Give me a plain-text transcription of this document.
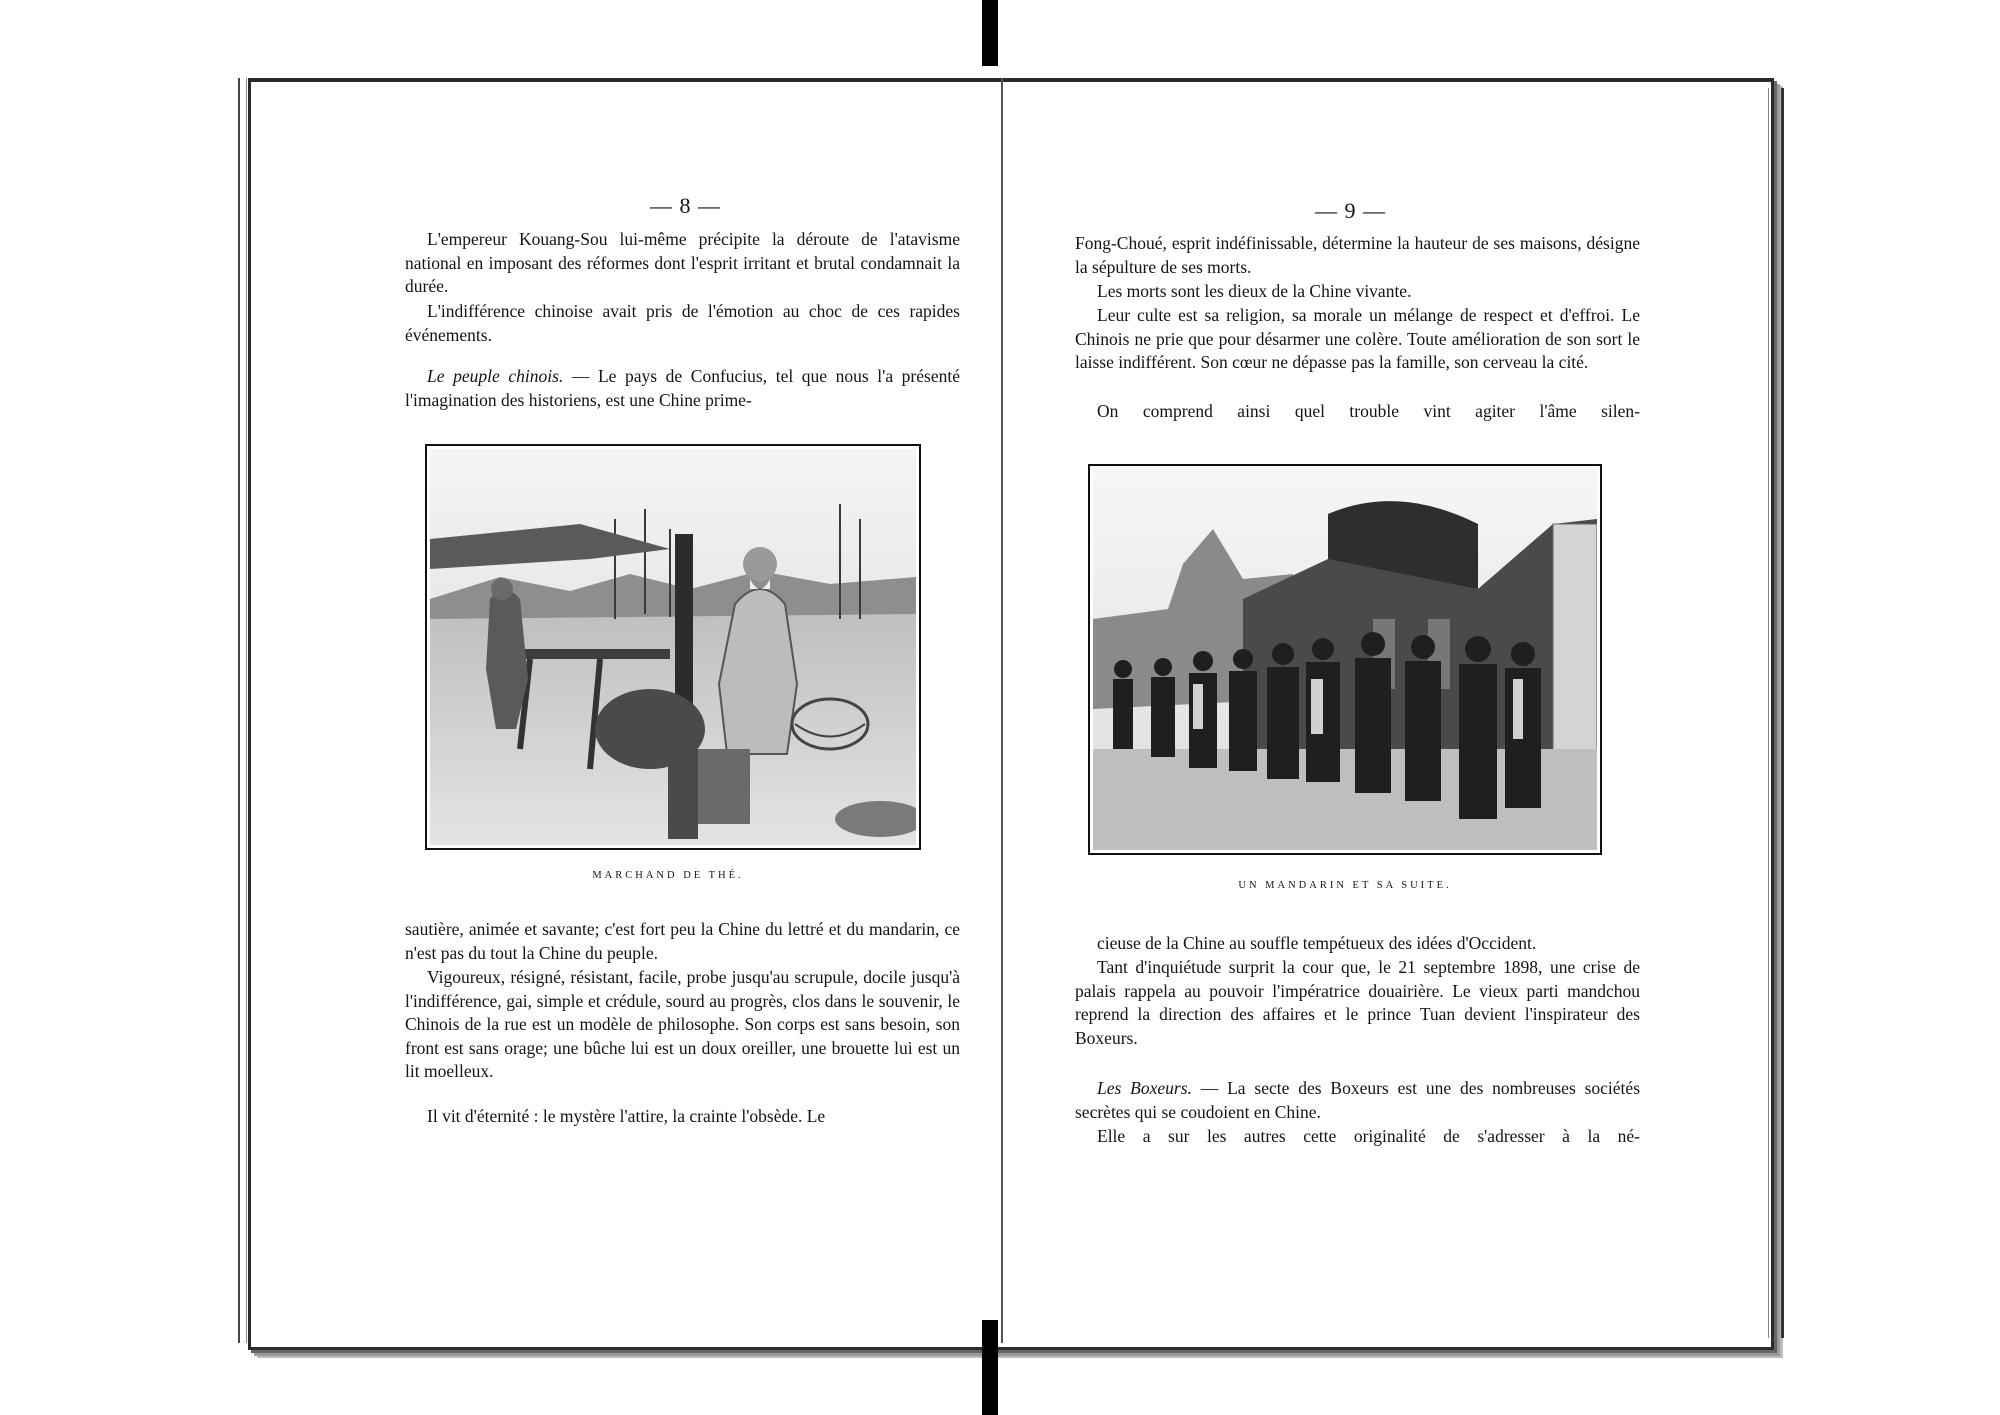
— 8 —

L'empereur Kouang-Sou lui-même précipite la déroute de l'atavisme national en imposant des réformes dont l'esprit irritant et brutal condamnait la durée.

L'indifférence chinoise avait pris de l'émotion au choc de ces rapides événements.

Le peuple chinois. — Le pays de Confucius, tel que nous l'a présenté l'imagination des historiens, est une Chine prime-

MARCHAND DE THÉ.

sautière, animée et savante; c'est fort peu la Chine du lettré et du mandarin, ce n'est pas du tout la Chine du peuple.

Vigoureux, résigné, résistant, facile, probe jusqu'au scrupule, docile jusqu'à l'indifférence, gai, simple et crédule, sourd au progrès, clos dans le souvenir, le Chinois de la rue est un modèle de philosophe. Son corps est sans besoin, son front est sans orage; une bûche lui est un doux oreiller, une brouette lui est un lit moelleux.

Il vit d'éternité : le mystère l'attire, la crainte l'obsède. Le

— 9 —

Fong-Choué, esprit indéfinissable, détermine la hauteur de ses maisons, désigne la sépulture de ses morts.

Les morts sont les dieux de la Chine vivante.

Leur culte est sa religion, sa morale un mélange de respect et d'effroi. Le Chinois ne prie que pour désarmer une colère. Toute amélioration de son sort le laisse indifférent. Son cœur ne dépasse pas la famille, son cerveau la cité.

On comprend ainsi quel trouble vint agiter l'âme silen-

UN MANDARIN ET SA SUITE.

cieuse de la Chine au souffle tempétueux des idées d'Occident.

Tant d'inquiétude surprit la cour que, le 21 septembre 1898, une crise de palais rappela au pouvoir l'impératrice douairière. Le vieux parti mandchou reprend la direction des affaires et le prince Tuan devient l'inspirateur des Boxeurs.

Les Boxeurs. — La secte des Boxeurs est une des nombreuses sociétés secrètes qui se coudoient en Chine.

Elle a sur les autres cette originalité de s'adresser à la né-
